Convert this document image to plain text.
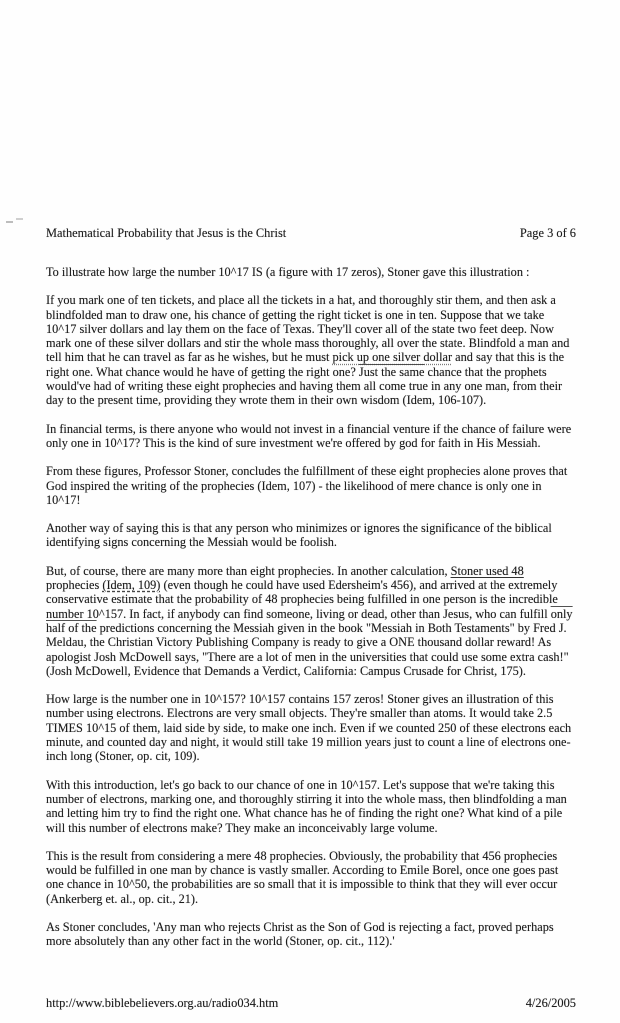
Mathematical Probability that Jesus is the Christ	Page 3 of 6

To illustrate how large the number 10^17 IS (a figure with 17 zeros), Stoner gave this illustration :

If you mark one of ten tickets, and place all the tickets in a hat, and thoroughly stir them, and then ask a blindfolded man to draw one, his chance of getting the right ticket is one in ten. Suppose that we take 10^17 silver dollars and lay them on the face of Texas. They'll cover all of the state two feet deep. Now mark one of these silver dollars and stir the whole mass thoroughly, all over the state. Blindfold a man and tell him that he can travel as far as he wishes, but he must pick up one silver dollar and say that this is the right one. What chance would he have of getting the right one? Just the same chance that the prophets would've had of writing these eight prophecies and having them all come true in any one man, from their day to the present time, providing they wrote them in their own wisdom (Idem, 106-107).

In financial terms, is there anyone who would not invest in a financial venture if the chance of failure were only one in 10^17? This is the kind of sure investment we're offered by god for faith in His Messiah.

From these figures, Professor Stoner, concludes the fulfillment of these eight prophecies alone proves that God inspired the writing of the prophecies (Idem, 107) - the likelihood of mere chance is only one in 10^17!

Another way of saying this is that any person who minimizes or ignores the significance of the biblical identifying signs concerning the Messiah would be foolish.

But, of course, there are many more than eight prophecies. In another calculation, Stoner used 48 prophecies (Idem, 109) (even though he could have used Edersheim's 456), and arrived at the extremely conservative estimate that the probability of 48 prophecies being fulfilled in one person is the incredible number 10^157. In fact, if anybody can find someone, living or dead, other than Jesus, who can fulfill only half of the predictions concerning the Messiah given in the book "Messiah in Both Testaments" by Fred J. Meldau, the Christian Victory Publishing Company is ready to give a ONE thousand dollar reward! As apologist Josh McDowell says, "There are a lot of men in the universities that could use some extra cash!" (Josh McDowell, Evidence that Demands a Verdict, California: Campus Crusade for Christ, 175).

How large is the number one in 10^157? 10^157 contains 157 zeros! Stoner gives an illustration of this number using electrons. Electrons are very small objects. They're smaller than atoms. It would take 2.5 TIMES 10^15 of them, laid side by side, to make one inch. Even if we counted 250 of these electrons each minute, and counted day and night, it would still take 19 million years just to count a line of electrons one-inch long (Stoner, op. cit, 109).

With this introduction, let's go back to our chance of one in 10^157. Let's suppose that we're taking this number of electrons, marking one, and thoroughly stirring it into the whole mass, then blindfolding a man and letting him try to find the right one. What chance has he of finding the right one? What kind of a pile will this number of electrons make? They make an inconceivably large volume.

This is the result from considering a mere 48 prophecies. Obviously, the probability that 456 prophecies would be fulfilled in one man by chance is vastly smaller. According to Emile Borel, once one goes past one chance in 10^50, the probabilities are so small that it is impossible to think that they will ever occur (Ankerberg et. al., op. cit., 21).

As Stoner concludes, 'Any man who rejects Christ as the Son of God is rejecting a fact, proved perhaps more absolutely than any other fact in the world (Stoner, op. cit., 112).'

http://www.biblebelievers.org.au/radio034.htm	4/26/2005
